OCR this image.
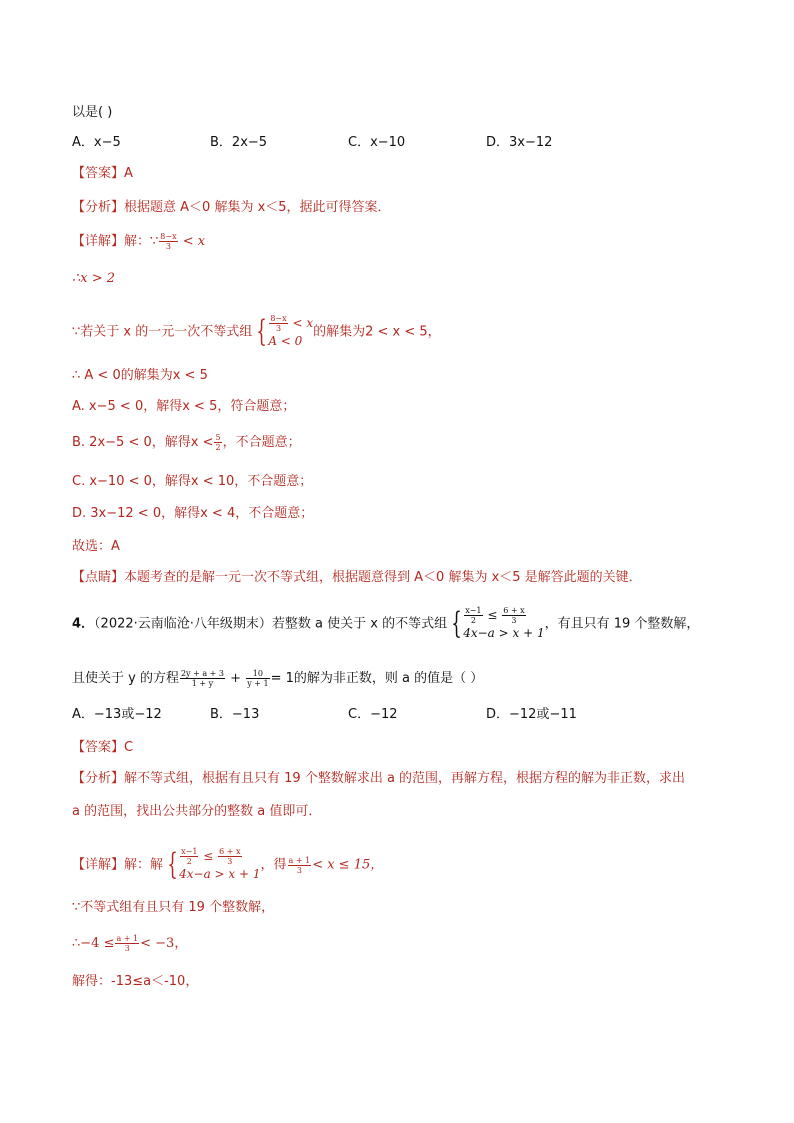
以是( )
A．x−5	B．2x−5	C．x−10	D．3x−12
【答案】A
【分析】根据题意 A＜0 解集为 x＜5，据此可得答案．
【详解】解：∵ $\frac{8-x}{3} < x$
∴x > 2
∵若关于 x 的一元一次不等式组 { $\frac{8-x}{3} < x$
A < 0
的解集为2 < x < 5，
∴ A < 0的解集为x < 5
A. x−5 < 0，解得x < 5，符合题意；
B. 2x−5 < 0，解得$x < \frac{5}{2}$ ，不合题意；
C. x−10 < 0，解得x < 10，不合题意；
D. 3x−12 < 0，解得x < 4，不合题意；
故选：A
【点睛】本题考查的是解一元一次不等式组，根据题意得到 A＜0 解集为 x＜5 是解答此题的关键．
4．（2022·云南临沧·八年级期末）若整数 a 使关于 x 的不等式组 { $\frac{x-1}{2} \le \frac{6 + x}{3}$
4x−a > x + 1
，有且只有 19 个整数解，
且使关于 y 的方程 $\frac{2y + a + 3}{1 + y} + \frac{10}{y + 1} = 1$的解为非正数，则 a 的值是（ ）
A．−13或−12	B．−13	C．−12	D．−12或−11
【答案】C
【分析】解不等式组，根据有且只有 19 个整数解求出 a 的范围，再解方程，根据方程的解为非正数，求出
a 的范围，找出公共部分的整数 a 值即可．
【详解】解：解 { $\frac{x-1}{2} \le \frac{6 + x}{3}$
4x−a > x + 1
，得 $\frac{a + 1}{3} < x \le 15$，
∵不等式组有且只有 19 个整数解，
∴−4 ≤ $\frac{a + 1}{3} < -3$，
解得：-13≤a＜-10，
